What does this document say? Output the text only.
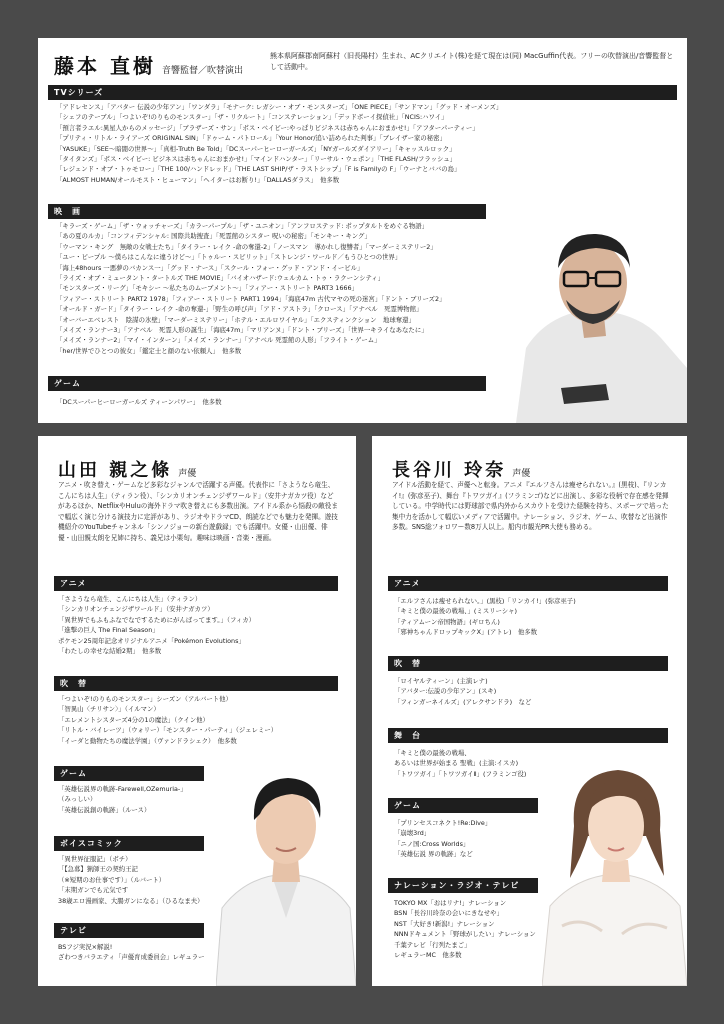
藤本 直樹 音響監督／吹替演出
熊本県阿蘇郡南阿蘇村（旧長陽村）生まれ、ACクリエイト(株)を経て現在は(同) MacGuffin代表。フリーの吹替演出/音響監督として活動中。
TVシリーズ
「アドレセンス」「アバター 伝説の少年アン」「ワンダラ」「モナーク: レガシー・オブ・モンスターズ」「ONE PIECE」「サンドマン」「グッド・オーメンズ」
「シェフのテーブル」「つよいぞ!のりものモンスター」「ザ・リクルート」「コンステレーション」「デッドボーイ探偵社」「NCIS:ハワイ」
「預言者ラエル:異星人からのメッセージ」「ブラザーズ・サン」「ボス・ベイビー:やっぱりビジネスは赤ちゃんにおまかせ!」「アフターパーティー」
「プリティ・リトル・ライアーズ ORIGINAL SIN」「ドゥーム・パトロール」「Your Honor/追い詰められた判事」「ブレイザー家の秘密」
「YASUKE」「SEE〜暗闇の世界〜」「真相-Truth Be Told」「DCスーパーヒーローガールズ」「NYガールズダイアリー」「キャッスルロック」
「タイタンズ」「ボス・ベイビー: ビジネスは赤ちゃんにおまかせ!」「マインドハンター」「リーサル・ウェポン」「THE FLASH/フラッシュ」
「レジェンド・オブ・トゥモロー」「THE 100/ハンドレッド」「THE LAST SHIP/ザ・ラストシップ」「F is Familyの F」「ウーナとババの島」
「ALMOST HUMAN/オールモスト・ヒューマン」「ヘイターはお断り!」「DALLASダラス」　他多数
映　画
「キラーズ・ゲーム」「ザ・ウォッチャーズ」「カラーパープル」「ザ・ユニオン」「アンフロステッド: ポップタルトをめぐる物語」
「あの夏のルカ」「コンフィデンシャル: 国際共助捜査」「死霊館のシスター 呪いの秘密」「モンキー・キング」
「ウーマン・キング　無敵の女戦士たち」「タイラー・レイク -命の奪還-2」「ノースマン　導かれし復讐者」「マーダーミステリー2」
「ユー・ピープル 〜僕らはこんなに違うけど〜」「トゥルー・スピリット」「ストレンジ・ワールド／もうひとつの世界」
「海上48hours 一悪夢のバカンス一」「グッド・ナース」「スクール・フォー・グッド・アンド・イービル」
「ライズ・オブ・ミュータント・タートルズ THE MOVIE」「バイオハザード:ウェルカム・トゥ・ラクーンシティ」
「モンスターズ・リーグ」「モキシー 〜私たちのムーブメント〜」「フィアー・ストリート PART3 1666」
「フィアー・ストリート PART2 1978」「フィアー・ストリート PART1 1994」「海底47m 古代マヤの死の迷宮」「ドント・ブリーズ2」
「オールド・ガード」「タイラー・レイク -命の奪還-」「野生の呼び声」「アド・アストラ」「クロース」「アナベル　死霊博物館」
「オーバーエベレスト　陰謀の氷壁」「マーダーミステリー」「ホテル・エルロワイヤル」「エクスティンクション　地球奪還」
「メイズ・ランナー3」「アナベル　死霊人形の誕生」「海底47m」「マリアンヌ」「ドント・ブリーズ」「世界一キライなあなたに」
「メイズ・ランナー2」「マイ・インターン」「メイズ・ランナー」「アナベル 死霊館の人形」「フライト・ゲーム」
「her/世界でひとつの彼女」「鑑定士と顔のない依頼人」　他多数
ゲーム
「DCスーパーヒーローガールズ ティーンパワー」　他多数
山田 親之條 声優
アニメ・吹き替え・ゲームなど多彩なジャンルで活躍する声優。代表作に「さようなら竜生、こんにちは人生」（ティラン役）、「シンカリオンチェンジザワールド」（安井ナガカツ役）などがあるほか、NetflixやHuluの海外ドラマ吹き替えにも多数出演。アイドル系から悩殺の敵役まで幅広く演じ分ける演技力に定評があり、ラジオやドラマCD、朗読などでも魅力を発揮。遊技機紹介のYouTubeチャンネル「シンノジョーの新台遊戯録」でも活躍中。女優・山田優、俳優・山田親太朗を兄姉に持ち、義兄は小栗旬。趣味は映画・音楽・漫画。
アニメ
「さようなら竜生、こんにちは人生」（ティラン）
「シンカリオンチェンジザワールド」（安井ナガカツ）
「異世界でもふもふなでなでするためにがんばってます。」（フィカ）
「進撃の巨人 The Final Season」
ポケモン25周年記念オリジナルアニメ「Pokémon Evolutions」
「わたしの幸せな結婚2期」　他多数
吹　替
「つよいぞ!のりものモンスター」シーズン（アルバート他）
「智異山〈チリサン〉」（イルマン）
「エレメントシスターズ4分の1の魔法」（クイン他）
「リトル・バイレーツ」（ウォリー）「モンスター・パーティ」（ジェレミー）
「イーダと動物たちの魔法学園」（ヴァンドラシェク）　他多数
ゲーム
「英雄伝説界の軌跡-Farewell,OZemuria-」
（みっしい）
「英雄伝説創の軌跡」（ルース）
ボイスコミック
「異世界征服記」（ボチ）
「【急募】猟師王の契約王記
（※短期のお仕事です）」（ルバート）
「末期ガンでも元気です
38歳エロ漫画家、大腸ガンになる」（ひるなま夫）
テレビ
BSフジ実況×解説!
ざわつきバラエティ「声優育成委員会」レギュラー
長谷川 玲奈 声優
アイドル活動を経て、声優へと転身。アニメ『エルフさんは瘦せられない。』(黒枝)、『リンカイ!』(弥彦巫子)、舞台『トワツガイ』(フラミンゴ)などに出演し、多彩な役柄で存在感を発揮している。中学時代には野球部で県内外からスカウトを受けた経験を持ち、スポーツで培った集中力を活かして幅広いメディアで活躍中。ナレーション、ラジオ、ゲーム、吹替など出演作多数。SNS総フォロワー数8万人以上。船内市観光PR大使も務める。
アニメ
「エルフさんは瘦せられない。」(黒枝)「リンカイ!」(弥彦巫子)
「キミと僕の最後の戦場、」(ミスリーシャ)
「ティアムーン帝国物語」(ギロちん)
「邪神ちゃんドロップキックX」(アトレ)　他多数
吹　替
「ロイヤルティーン」(主演レナ)
「アバター:伝説の少年アン」(スキ)
「フィンガーネイルズ」(アレクサンドラ)　など
舞　台
「キミと僕の最後の戦場、
あるいは世界が始まる 聖戦」(主演:イスカ)
「トワツガイ」「トワツガイⅡ」(フラミンゴ役)
ゲーム
「プリンセスコネクト!Re:Dive」
「崩壊3rd」
「ニノ国:Cross Worlds」
「英雄伝説 界の軌跡」など
ナレーション・ラジオ・テレビ
TOKYO MX「おはリナ!」ナレーション
BSN「長谷川玲奈の会いにきなせや」
NST「大好き!新潟!」ナレーション
NNNドキュメント「野球がしたい」ナレーション
千葉テレビ「行列たまご」
レギュラーMC　他多数
